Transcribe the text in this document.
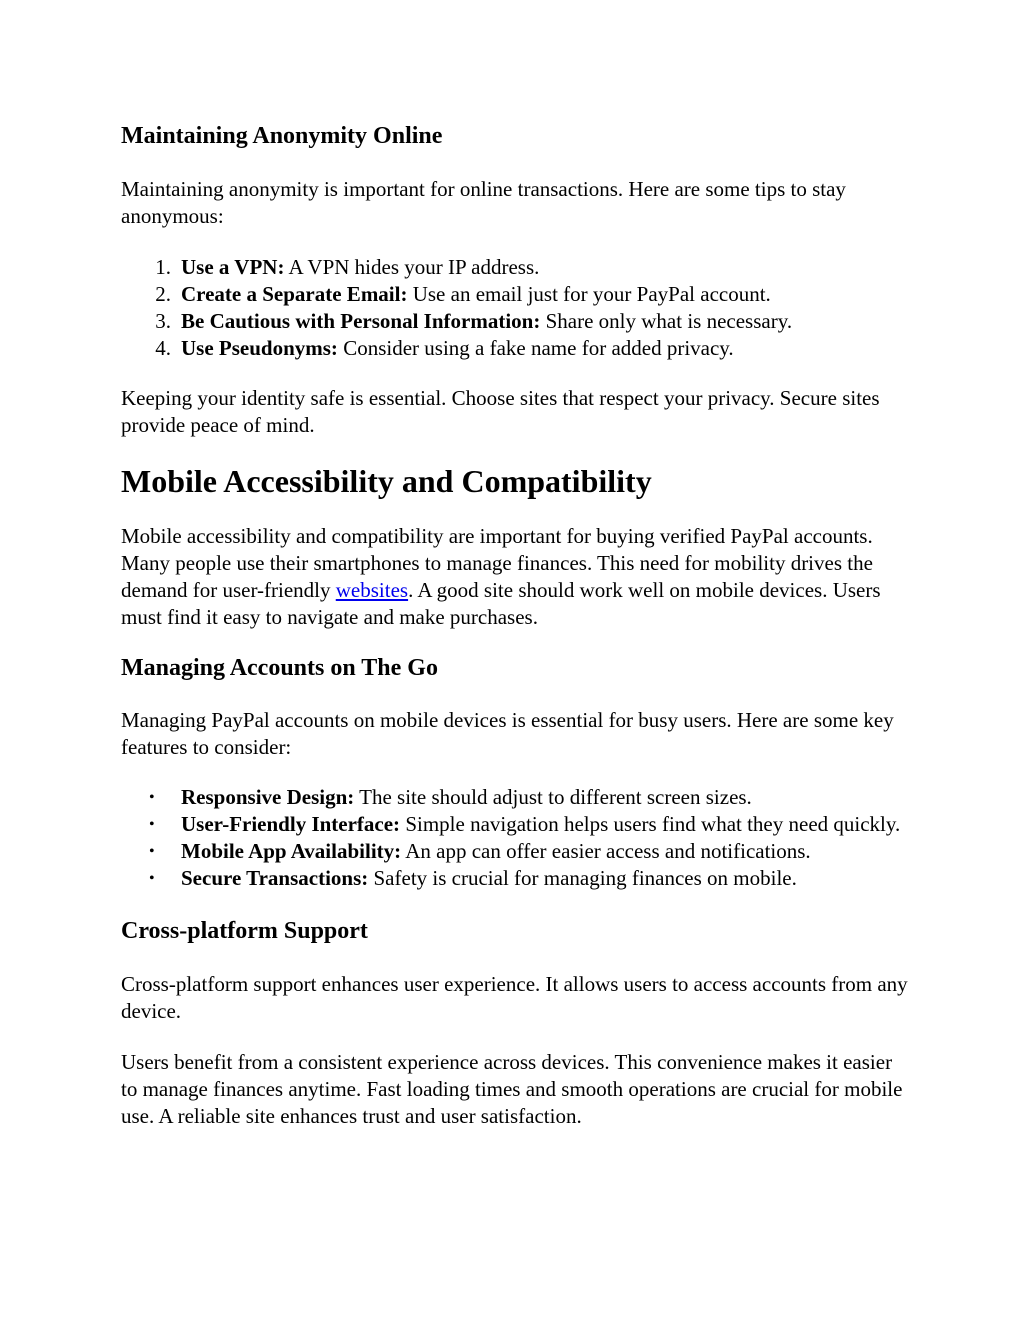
Maintaining Anonymity Online

Maintaining anonymity is important for online transactions. Here are some tips to stay anonymous:

1. Use a VPN: A VPN hides your IP address.
2. Create a Separate Email: Use an email just for your PayPal account.
3. Be Cautious with Personal Information: Share only what is necessary.
4. Use Pseudonyms: Consider using a fake name for added privacy.

Keeping your identity safe is essential. Choose sites that respect your privacy. Secure sites provide peace of mind.

Mobile Accessibility and Compatibility

Mobile accessibility and compatibility are important for buying verified PayPal accounts. Many people use their smartphones to manage finances. This need for mobility drives the demand for user-friendly websites. A good site should work well on mobile devices. Users must find it easy to navigate and make purchases.

Managing Accounts on The Go

Managing PayPal accounts on mobile devices is essential for busy users. Here are some key features to consider:

• Responsive Design: The site should adjust to different screen sizes.
• User-Friendly Interface: Simple navigation helps users find what they need quickly.
• Mobile App Availability: An app can offer easier access and notifications.
• Secure Transactions: Safety is crucial for managing finances on mobile.
Cross-platform Support

Cross-platform support enhances user experience. It allows users to access accounts from any device.

Users benefit from a consistent experience across devices. This convenience makes it easier to manage finances anytime. Fast loading times and smooth operations are crucial for mobile use. A reliable site enhances trust and user satisfaction.
